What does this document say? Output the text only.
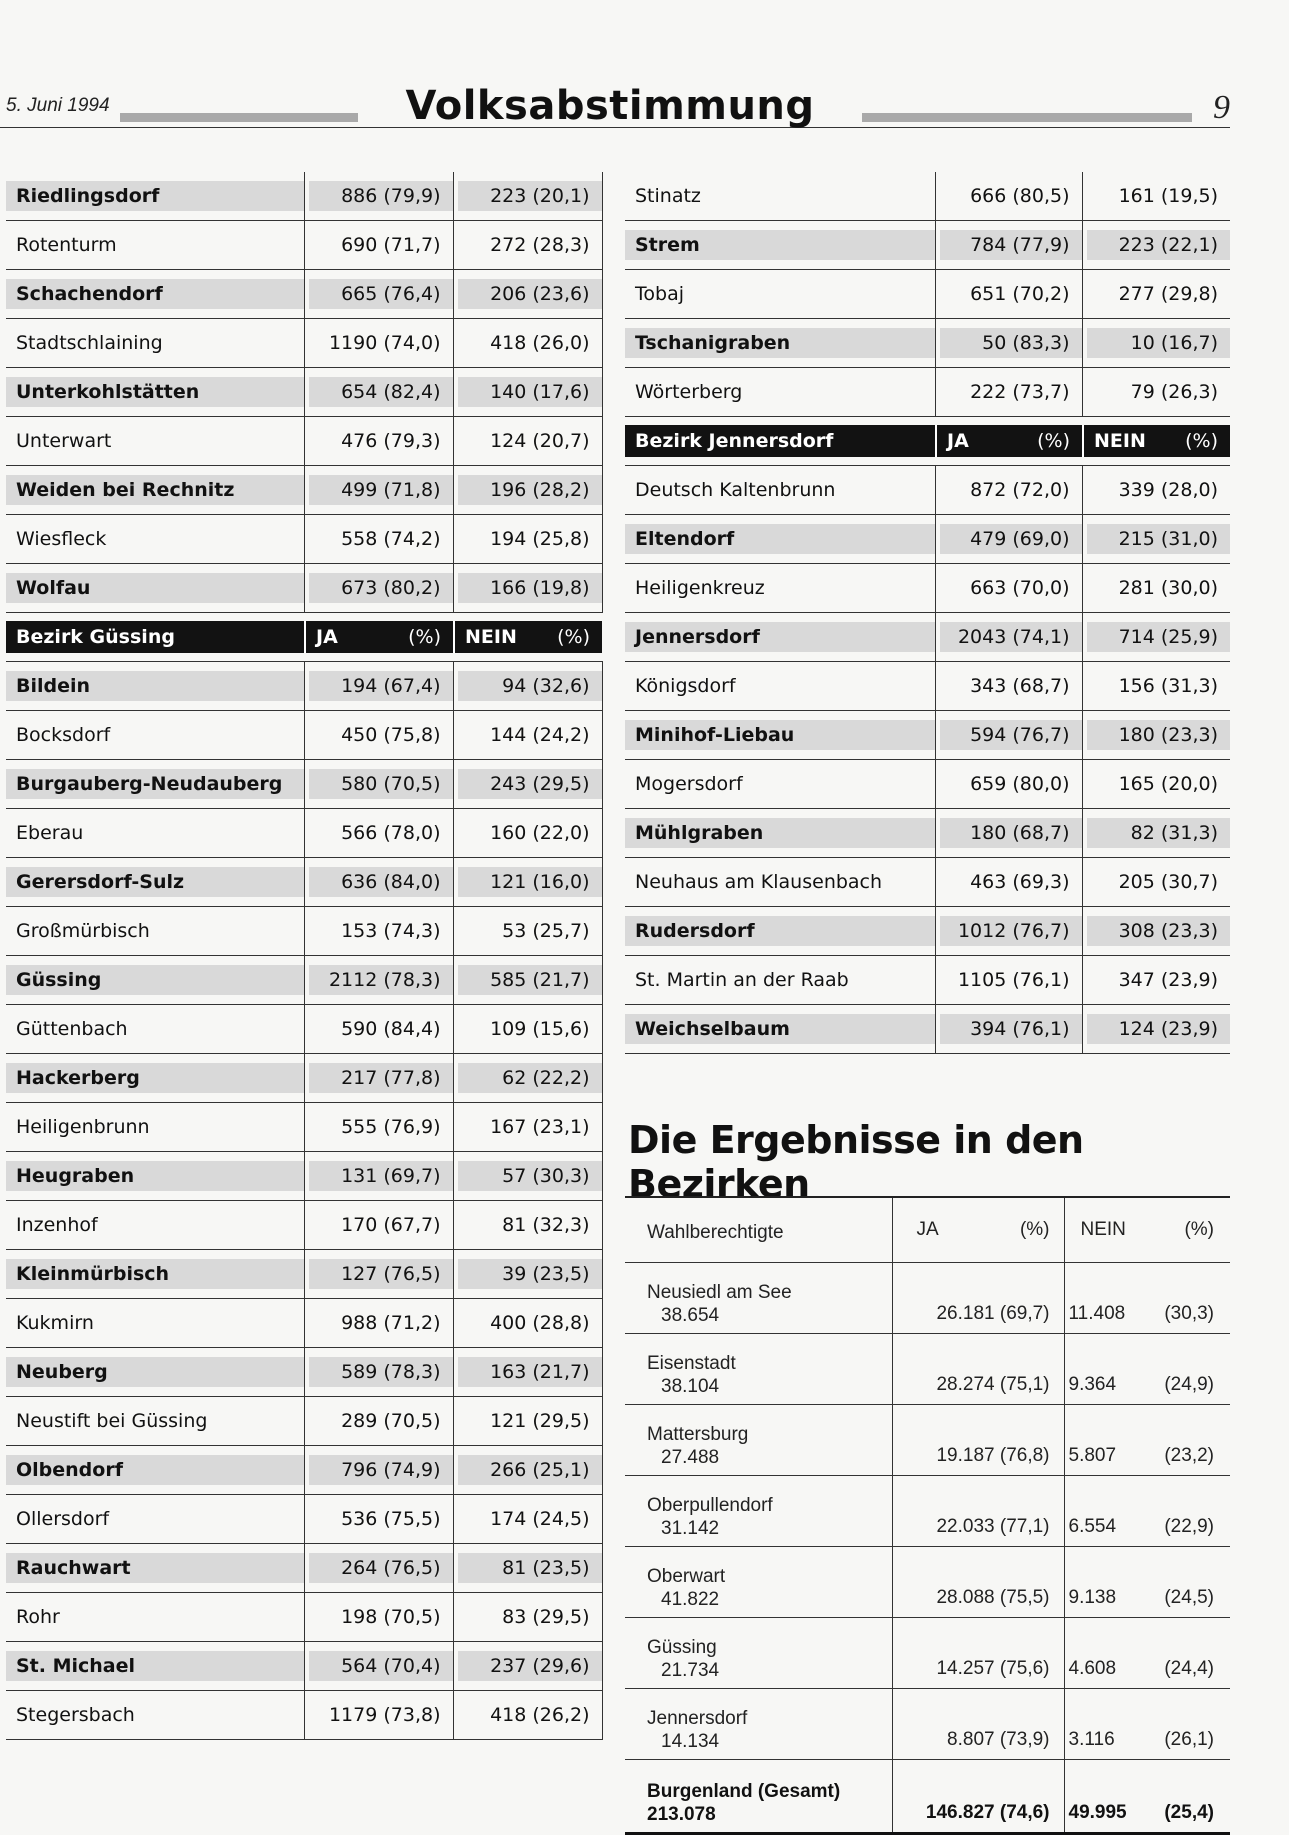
5. Juni 1994	Volksabstimmung	9
Riedlingsdorf	886 (79,9)	223 (20,1)

Rotenturm	690 (71,7)	272 (28,3)

Schachendorf	665 (76,4)	206 (23,6)

Stadtschlaining	1190 (74,0)	418 (26,0)

Unterkohlstätten	654 (82,4)	140 (17,6)

Unterwart	476 (79,3)	124 (20,7)

Weiden bei Rechnitz	499 (71,8)	196 (28,2)

Wiesfleck	558 (74,2)	194 (25,8)

Wolfau	673 (80,2)	166 (19,8)

Bezirk Güssing	JA (%)	NEIN (%)

Bildein	194 (67,4)	94 (32,6)

Bocksdorf	450 (75,8)	144 (24,2)

Burgauberg-Neudauberg	580 (70,5)	243 (29,5)

Eberau	566 (78,0)	160 (22,0)

Gerersdorf-Sulz	636 (84,0)	121 (16,0)

Großmürbisch	153 (74,3)	53 (25,7)

Güssing	2112 (78,3)	585 (21,7)

Güttenbach	590 (84,4)	109 (15,6)

Hackerberg	217 (77,8)	62 (22,2)

Heiligenbrunn	555 (76,9)	167 (23,1)

Heugraben	131 (69,7)	57 (30,3)

Inzenhof	170 (67,7)	81 (32,3)

Kleinmürbisch	127 (76,5)	39 (23,5)

Kukmirn	988 (71,2)	400 (28,8)

Neuberg	589 (78,3)	163 (21,7)

Neustift bei Güssing	289 (70,5)	121 (29,5)

Olbendorf	796 (74,9)	266 (25,1)

Ollersdorf	536 (75,5)	174 (24,5)

Rauchwart	264 (76,5)	81 (23,5)

Rohr	198 (70,5)	83 (29,5)

St. Michael	564 (70,4)	237 (29,6)

Stegersbach	1179 (73,8)	418 (26,2)
Stinatz	666 (80,5)	161 (19,5)

Strem	784 (77,9)	223 (22,1)

Tobaj	651 (70,2)	277 (29,8)

Tschanigraben	50 (83,3)	10 (16,7)

Wörterberg	222 (73,7)	79 (26,3)

Bezirk Jennersdorf	JA (%)	NEIN (%)

Deutsch Kaltenbrunn	872 (72,0)	339 (28,0)

Eltendorf	479 (69,0)	215 (31,0)

Heiligenkreuz	663 (70,0)	281 (30,0)

Jennersdorf	2043 (74,1)	714 (25,9)

Königsdorf	343 (68,7)	156 (31,3)

Minihof-Liebau	594 (76,7)	180 (23,3)

Mogersdorf	659 (80,0)	165 (20,0)

Mühlgraben	180 (68,7)	82 (31,3)

Neuhaus am Klausenbach	463 (69,3)	205 (30,7)

Rudersdorf	1012 (76,7)	308 (23,3)

St. Martin an der Raab	1105 (76,1)	347 (23,9)

Weichselbaum	394 (76,1)	124 (23,9)
Die Ergebnisse in den Bezirken
Wahlberechtigte	JA (%)	NEIN (%)

Neusiedl am See
38.654	26.181 (69,7)	11.408 (30,3)

Eisenstadt
38.104	28.274 (75,1)	9.364 (24,9)

Mattersburg
27.488	19.187 (76,8)	5.807 (23,2)

Oberpullendorf
31.142	22.033 (77,1)	6.554 (22,9)

Oberwart
41.822	28.088 (75,5)	9.138 (24,5)

Güssing
21.734	14.257 (75,6)	4.608 (24,4)

Jennersdorf
14.134	8.807 (73,9)	3.116 (26,1)

Burgenland (Gesamt)
213.078	146.827 (74,6)	49.995 (25,4)
